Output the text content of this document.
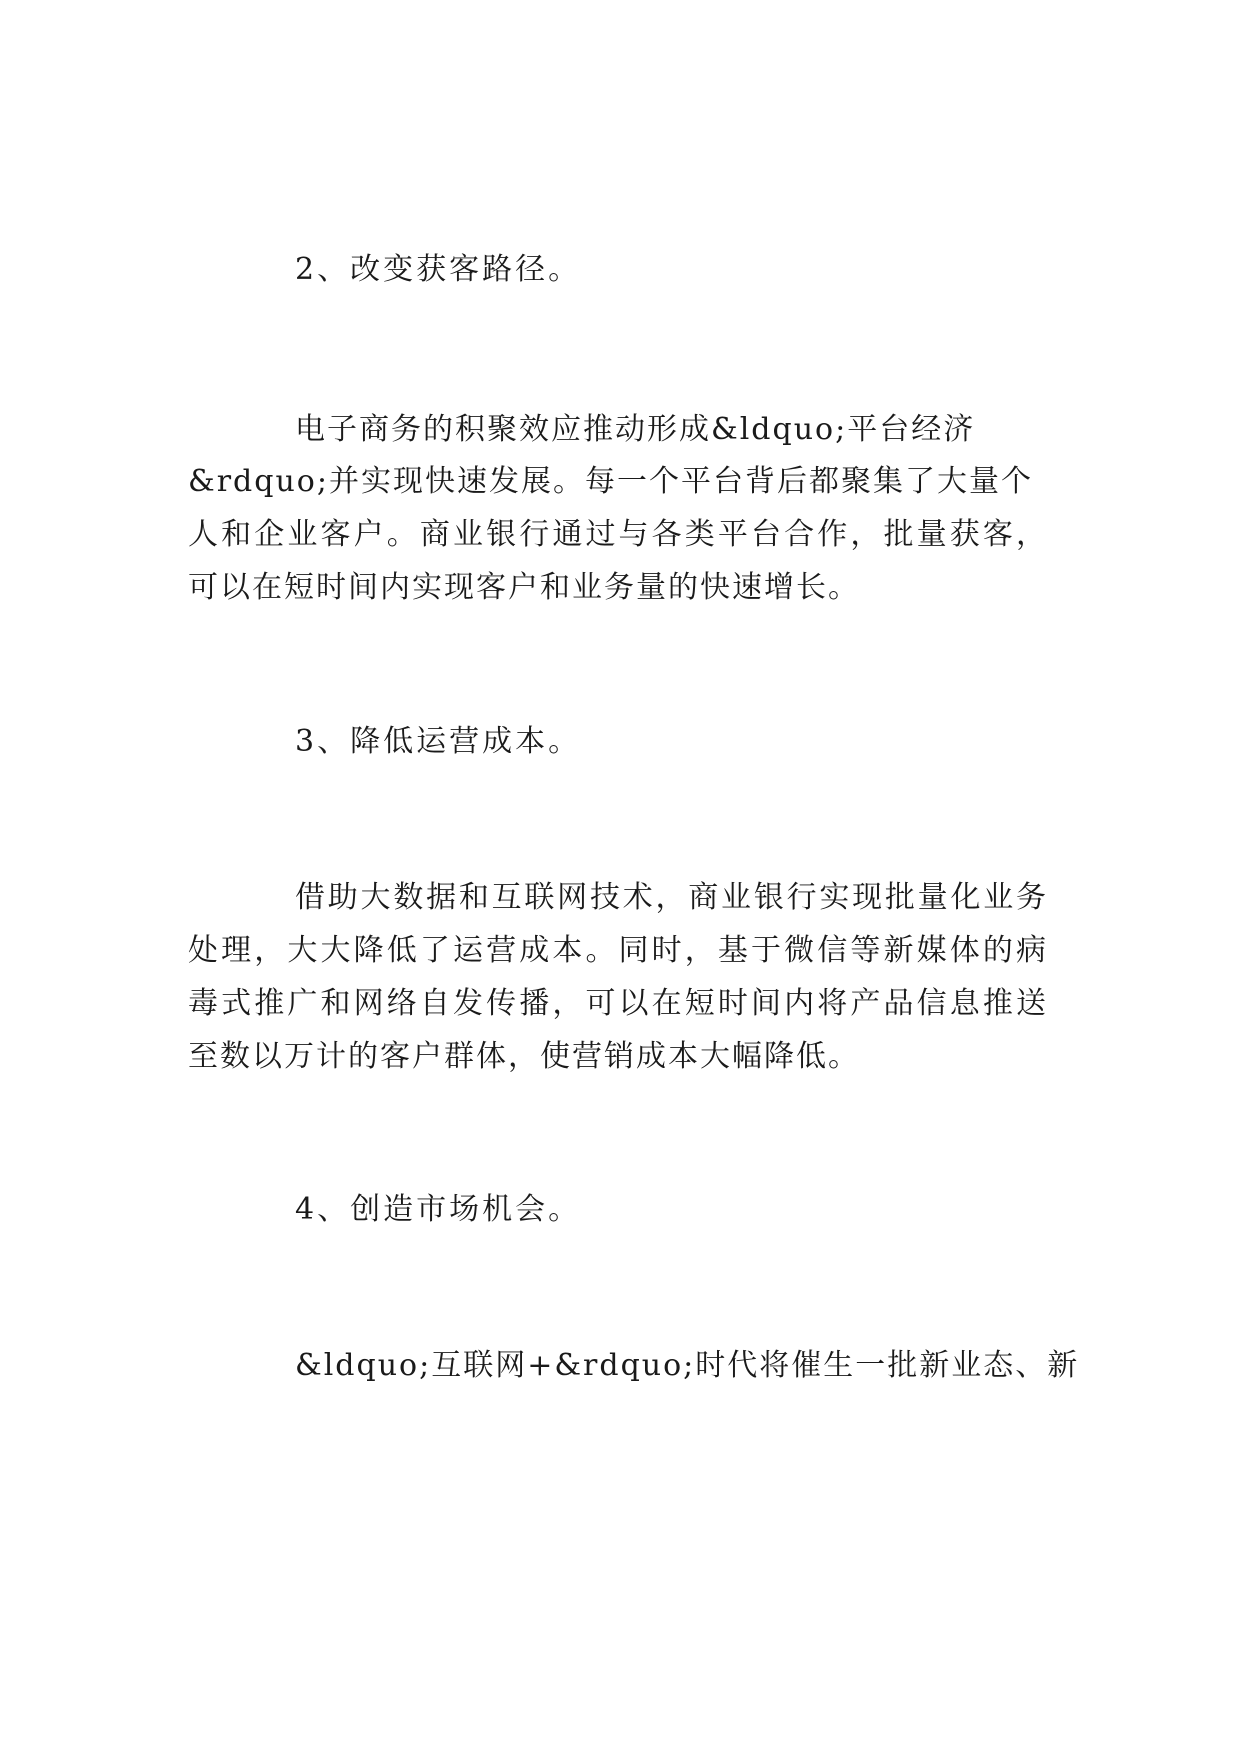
2、改变获客路径。
电子商务的积聚效应推动形成&ldquo;平台经济
&rdquo;并实现快速发展。每一个平台背后都聚集了大量个
人和企业客户。商业银行通过与各类平台合作，批量获客，
可以在短时间内实现客户和业务量的快速增长。
3、降低运营成本。
借助大数据和互联网技术，商业银行实现批量化业务
处理，大大降低了运营成本。同时，基于微信等新媒体的病
毒式推广和网络自发传播，可以在短时间内将产品信息推送
至数以万计的客户群体，使营销成本大幅降低。
4、创造市场机会。
&ldquo;互联网+&rdquo;时代将催生一批新业态、新
